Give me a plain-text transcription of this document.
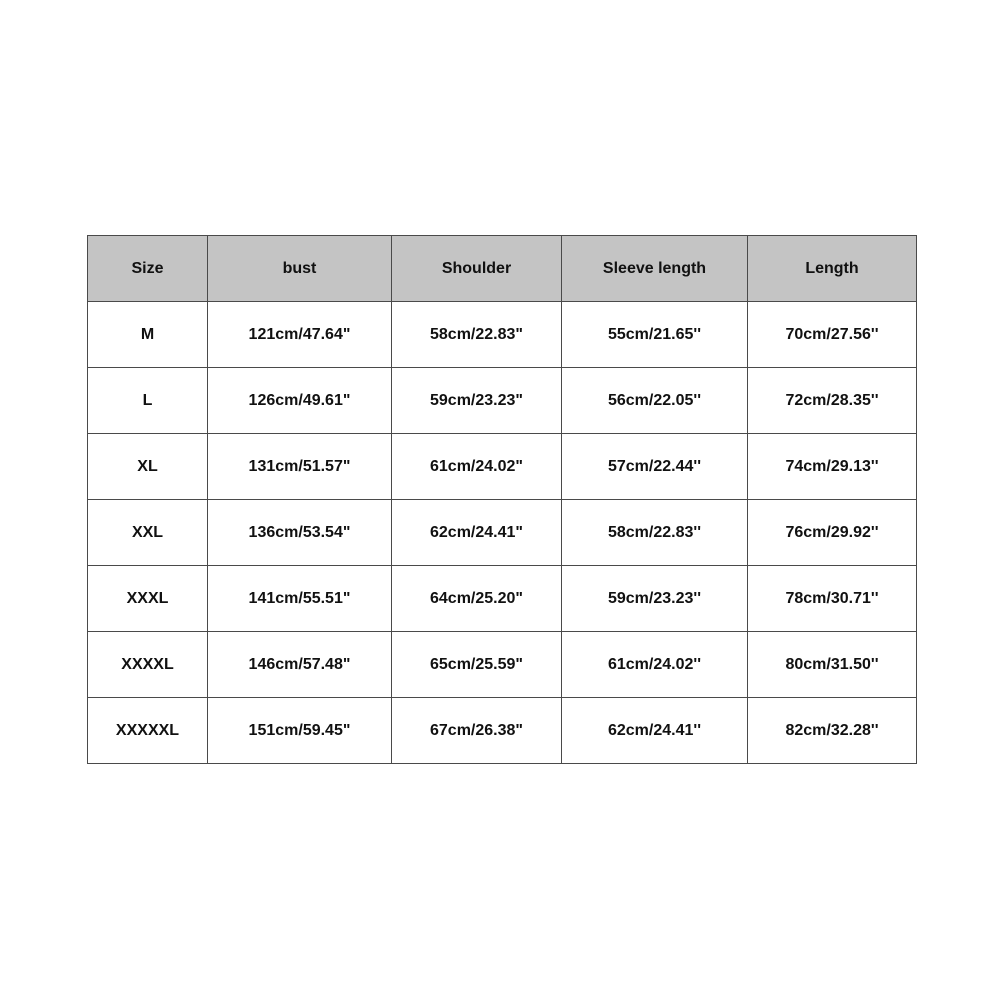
Size	bust	Shoulder	Sleeve length	Length
M	121cm/47.64"	58cm/22.83"	55cm/21.65''	70cm/27.56''
L	126cm/49.61"	59cm/23.23"	56cm/22.05''	72cm/28.35''
XL	131cm/51.57"	61cm/24.02"	57cm/22.44''	74cm/29.13''
XXL	136cm/53.54"	62cm/24.41"	58cm/22.83''	76cm/29.92''
XXXL	141cm/55.51"	64cm/25.20"	59cm/23.23''	78cm/30.71''
XXXXL	146cm/57.48"	65cm/25.59"	61cm/24.02''	80cm/31.50''
XXXXXL	151cm/59.45"	67cm/26.38"	62cm/24.41''	82cm/32.28''
